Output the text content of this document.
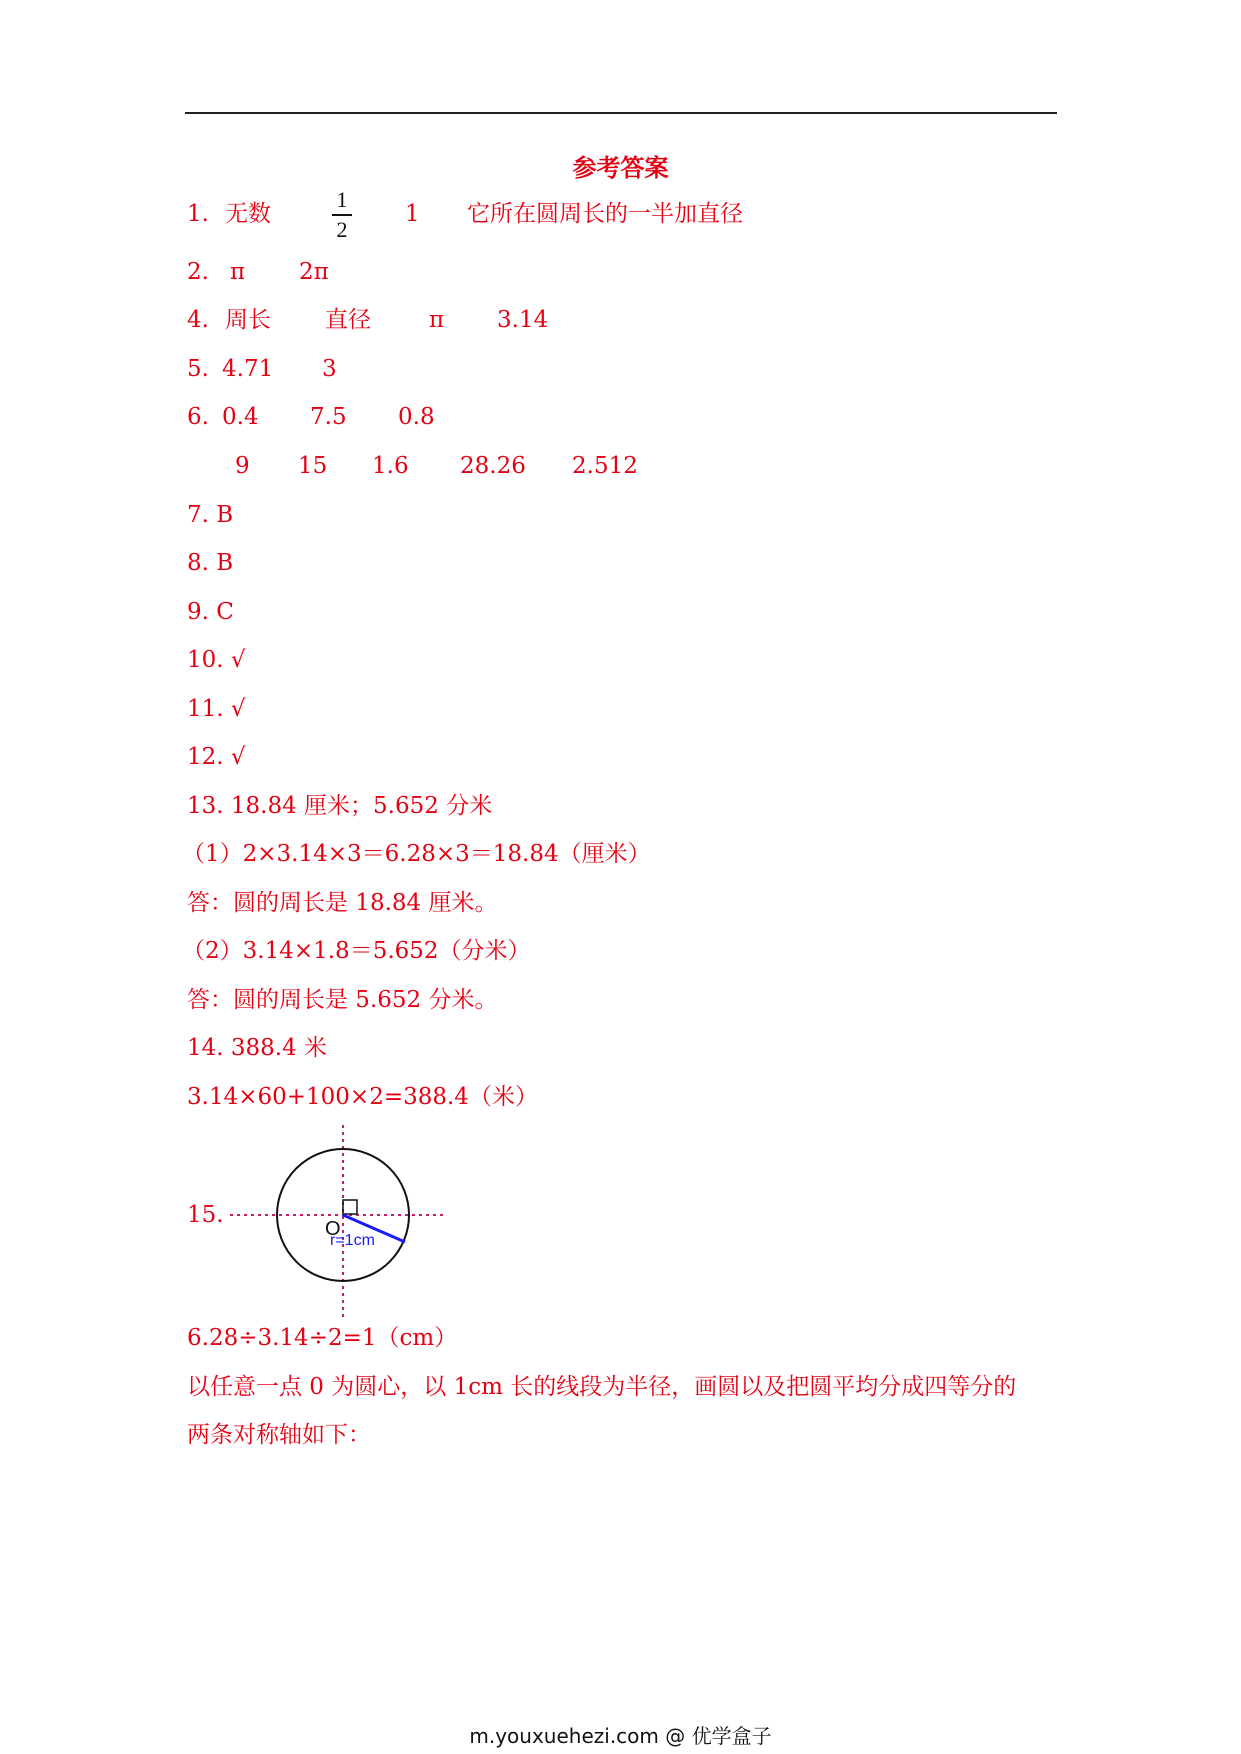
参考答案
1. 无数	1 它所在圆周长的一半加直径
1
2
2. π 2π
4. 周长 直径	π 3.14
5. 4.71 3
6. 0.4 7.5 0.8
9 15 1.6 28.26 2.512
7. B
8. B
9. C
10. √
11. √
12. √
13. 18.84 厘米；5.652 分米
（1）2×3.14×3＝6.28×3＝18.84（厘米）
答：圆的周长是 18.84 厘米。
（2）3.14×1.8＝5.652（分米）
答：圆的周长是 5.652 分米。
14. 388.4 米
3.14×60+100×2=388.4（米）
15.
O
r=1cm
6.28÷3.14÷2=1（cm）
以任意一点 0 为圆心，以 1cm 长的线段为半径，画圆以及把圆平均分成四等分的
两条对称轴如下：
m.youxuehezi.com @ 优学盒子
